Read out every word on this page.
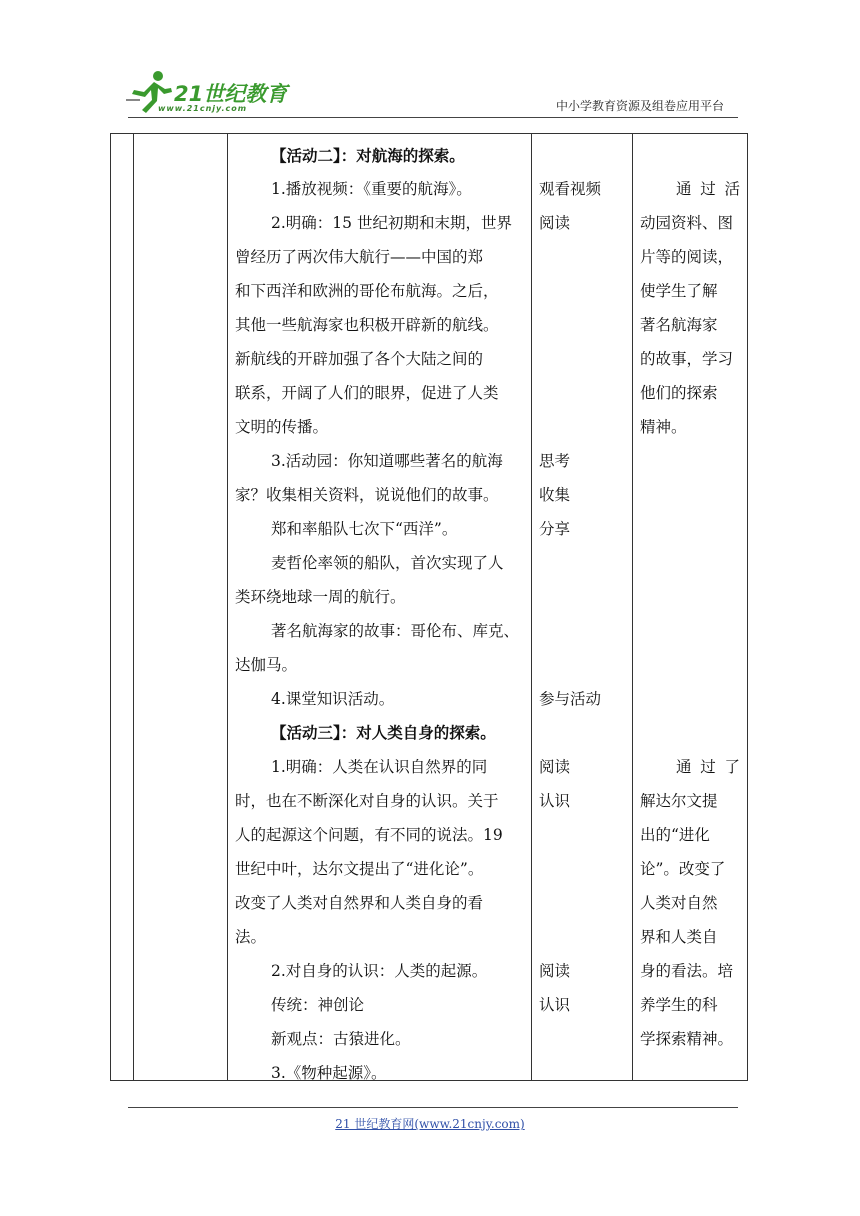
21世纪教育
www.21cnjy.com	中小学教育资源及组卷应用平台
【活动二】：对航海的探索。
1.播放视频：《重要的航海》。
2.明确：15 世纪初期和末期，世界
曾经历了两次伟大航行——中国的郑
和下西洋和欧洲的哥伦布航海。之后，
其他一些航海家也积极开辟新的航线。
新航线的开辟加强了各个大陆之间的
联系，开阔了人们的眼界，促进了人类
文明的传播。
3.活动园：你知道哪些著名的航海
家？收集相关资料，说说他们的故事。
郑和率船队七次下“西洋”。
麦哲伦率领的船队，首次实现了人
类环绕地球一周的航行。
著名航海家的故事：哥伦布、库克、
达伽马。
4.课堂知识活动。
【活动三】：对人类自身的探索。
1.明确：人类在认识自然界的同
时，也在不断深化对自身的认识。关于
人的起源这个问题，有不同的说法。19
世纪中叶，达尔文提出了“进化论”。
改变了人类对自然界和人类自身的看
法。
2.对自身的认识：人类的起源。
传统：神创论
新观点：古猿进化。
3.《物种起源》。
观看视频
阅读
思考
收集
分享
参与活动
阅读
认识
阅读
认识
通 过 活
动园资料、图
片等的阅读，
使学生了解
著名航海家
的故事，学习
他们的探索
精神。
通 过 了
解达尔文提
出的“进化
论”。改变了
人类对自然
界和人类自
身的看法。培
养学生的科
学探索精神。
21 世纪教育网(www.21cnjy.com)
